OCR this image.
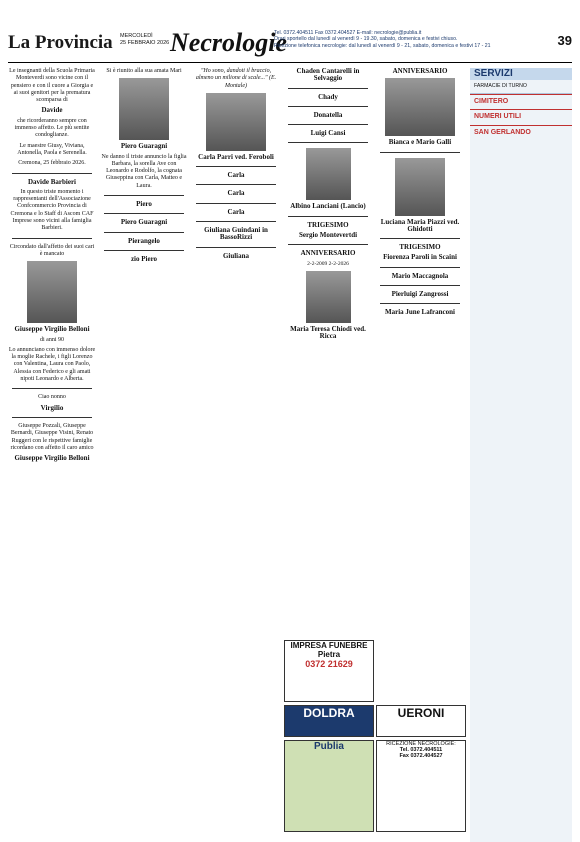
La Provincia MERCOLEDÌ
25 FEBBRAIO 2026 Necrologie
Tel. 0372.404511 Fax 0372.404527 E-mail: necrologie@publia.it
Orari sportello dal lunedì al venerdì 9 - 19.30, sabato, domenica e festivi chiuso.
Ricezione telefonica necrologie: dal lunedì al venerdì 9 - 21, sabato, domenica e festivi 17 - 21	39

Le insegnanti della Scuola Primaria Monteverdi sono vicine con il pensiero e con il cuore a Giorgia e ai suoi genitori per la prematura scomparsa di

Davide

che ricorderanno sempre con immenso affetto. Le più sentite condoglianze.

Le maestre Giusy, Viviana, Antonella, Paola e Serenella.

Cremona, 25 febbraio 2026.

Davide Barbieri

In questo triste momento i rappresentanti dell'Associazione Confcommercio Provincia di Cremona e lo Staff di Ascom CAF Imprese sono vicini alla famiglia Barbieri.

Circondato dall'affetto dei suoi cari è mancato

Giuseppe Virgilio Belloni

di anni 90

Lo annunciano con immenso dolore la moglie Rachele, i figli Lorenzo con Valentina, Laura con Paolo, Alessia con Federico e gli amati nipoti Leonardo e Alberta.

Ciao nonno

Virgilio

Giuseppe Pozzali, Giuseppe Bernardi, Giuseppe Visini, Renato Ruggeri con le rispettive famiglie ricordano con affetto il caro amico

Giuseppe Virgilio Belloni

Si è riunito alla sua amata Mari

Piero Guaragni

Ne danno il triste annuncio la figlia Barbara, la sorella Ave con Leonardo e Rodolfo, la cognata Giuseppina con Carla, Matteo e Laura.

Piero

Piero Guaragni

Pierangelo

zio Piero

"Ho sono, dandoti il braccio, almeno un milione di scale..." (E. Montale)

Carla Parri ved. Feroboli

Carla

Carla

Carla

Giuliana Guindani in BassoRizzi

Giuliana

Chaden Cantarelli in Selvaggio

Chady

Donatella

Luigi Cansi

Albino Lanciani (Lancio)

TRIGESIMO

Sergio Montevertdi

ANNIVERSARIO

2-2-2009 2-2-2026

Maria Teresa Chiodi ved. Ricca

ANNIVERSARIO

Bianca e Mario Galli

Luciana Maria Piazzi ved. Ghidotti

TRIGESIMO

Fiorenza Paroli in Scaini

Mario Maccagnola

Pierluigi Zangrossi

Maria June Lafranconi

SERVIZI
FARMACIE DI TURNO
CIMITERO
NUMERI UTILI
SAN GERLANDO
IMPRESA FUNEBRE Pietra
0372 21629
DOLDRA	UERONI
Publia	RICEZIONE NECROLOGIE:
Tel. 0372.404511
Fax 0372.404527
